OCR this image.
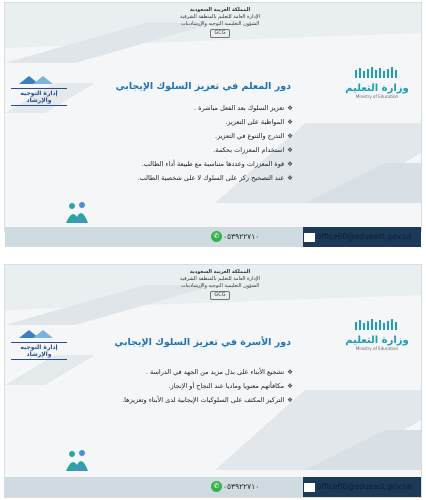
المملكة العربية السعودية
الإدارة العامة للتعليم بالمنطقة الشرقية
الشؤون التعليمية التوجيه والإرشادبنات
GCG
وزارة التعليم
Ministry of Education
إدارة التوجيه والإرشاد
دور المعلم في تعزيز السلوك الإيجابي
❖تعزيز السلوك بعد الفعل مباشرة .
❖المواظبة على التعزيز.
❖التدرج والتنوع في التعزيز.
❖استخدام المعززات بحكمة.
❖قوة المعززات وعددها متناسبة مع طبيعة أداء الطالب.
❖عند التصحيح ركز على السلوك لا على شخصية الطالب.
✆ ٠٥٣٩٢٢٧١٠	office60@edueast.gov.sa
المملكة العربية السعودية
الإدارة العامة للتعليم بالمنطقة الشرقية
الشؤون التعليمية التوجيه والإرشادبنات
GCG
وزارة التعليم
Ministry of Education
إدارة التوجيه والإرشاد
دور الأسرة في تعزيز السلوك الإيجابي
❖تشجيع الأبناء على بذل مزيد من الجهد في الدراسة .
❖مكافأتهم معنويا وماديا عند النجاح أو الإنجاز.
❖التركيز المكثف على السلوكيات الإيجابية لدى الأبناء وتعزيزها.
✆ ٠٥٣٩٢٢٧١٠	office60@edueast.gov.sa
